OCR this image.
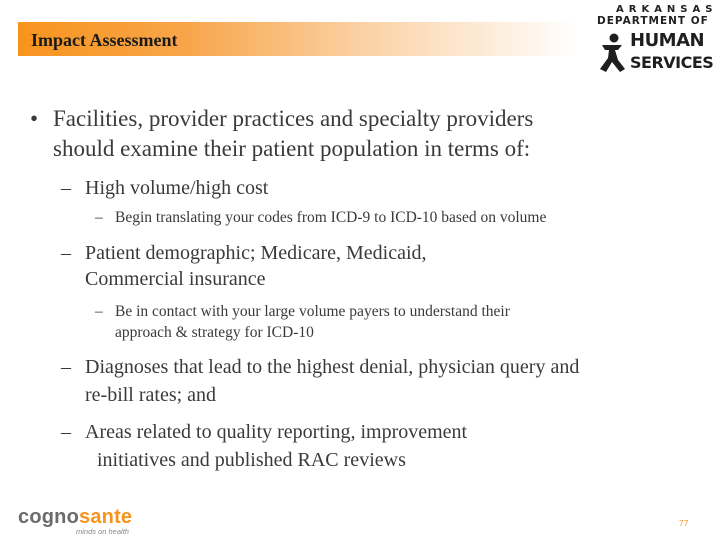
Impact Assessment
ARKANSAS
DEPARTMENT OF
HUMAN
SERVICES
• Facilities, provider practices and specialty providers
should examine their patient population in terms of:
– High volume/high cost
– Begin translating your codes from ICD-9 to ICD-10 based on volume
– Patient demographic; Medicare, Medicaid,
Commercial insurance
– Be in contact with your large volume payers to understand their
approach & strategy for ICD-10
– Diagnoses that lead to the highest denial, physician query and
re-bill rates; and
– Areas related to quality reporting, improvement
initiatives and published RAC reviews
cognosante
minds on health
77
